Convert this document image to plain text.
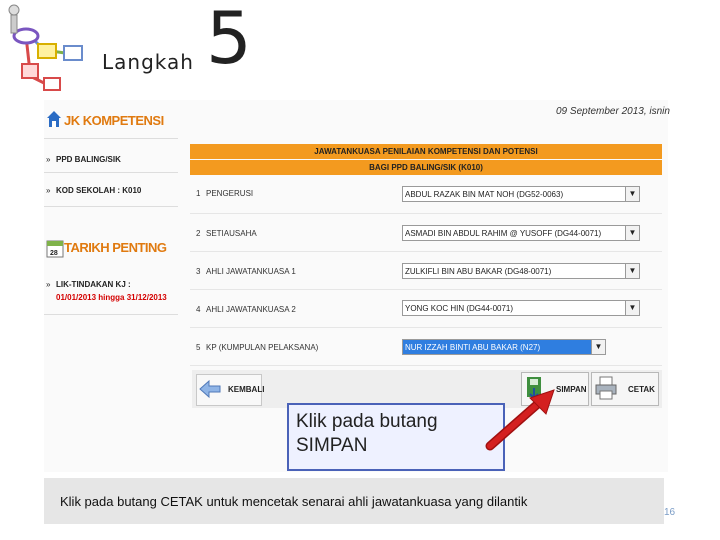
Langkah 5
09 September 2013, isnin
JK KOMPETENSI
» PPD BALING/SIK
» KOD SEKOLAH : K010
28 TARIKH PENTING
» LIK-TINDAKAN KJ :
01/01/2013 hingga 31/12/2013
JAWATANKUASA PENILAIAN KOMPETENSI DAN POTENSI
BAGI PPD BALING/SIK (K010)
1 PENGERUSI	ABDUL RAZAK BIN MAT NOH (DG52-0063)	▼
2 SETIAUSAHA	ASMADI BIN ABDUL RAHIM @ YUSOFF (DG44-0071)	▼
3 AHLI JAWATANKUASA 1	ZULKIFLI BIN ABU BAKAR (DG48-0071)	▼
4 AHLI JAWATANKUASA 2	YONG KOC HIN (DG44-0071)	▼
5 KP (KUMPULAN PELAKSANA)	NUR IZZAH BINTI ABU BAKAR (N27)	▼
KEMBALI	SIMPAN	CETAK
Klik pada butang SIMPAN
Klik pada butang CETAK untuk mencetak senarai ahli jawatankuasa yang dilantik
16
